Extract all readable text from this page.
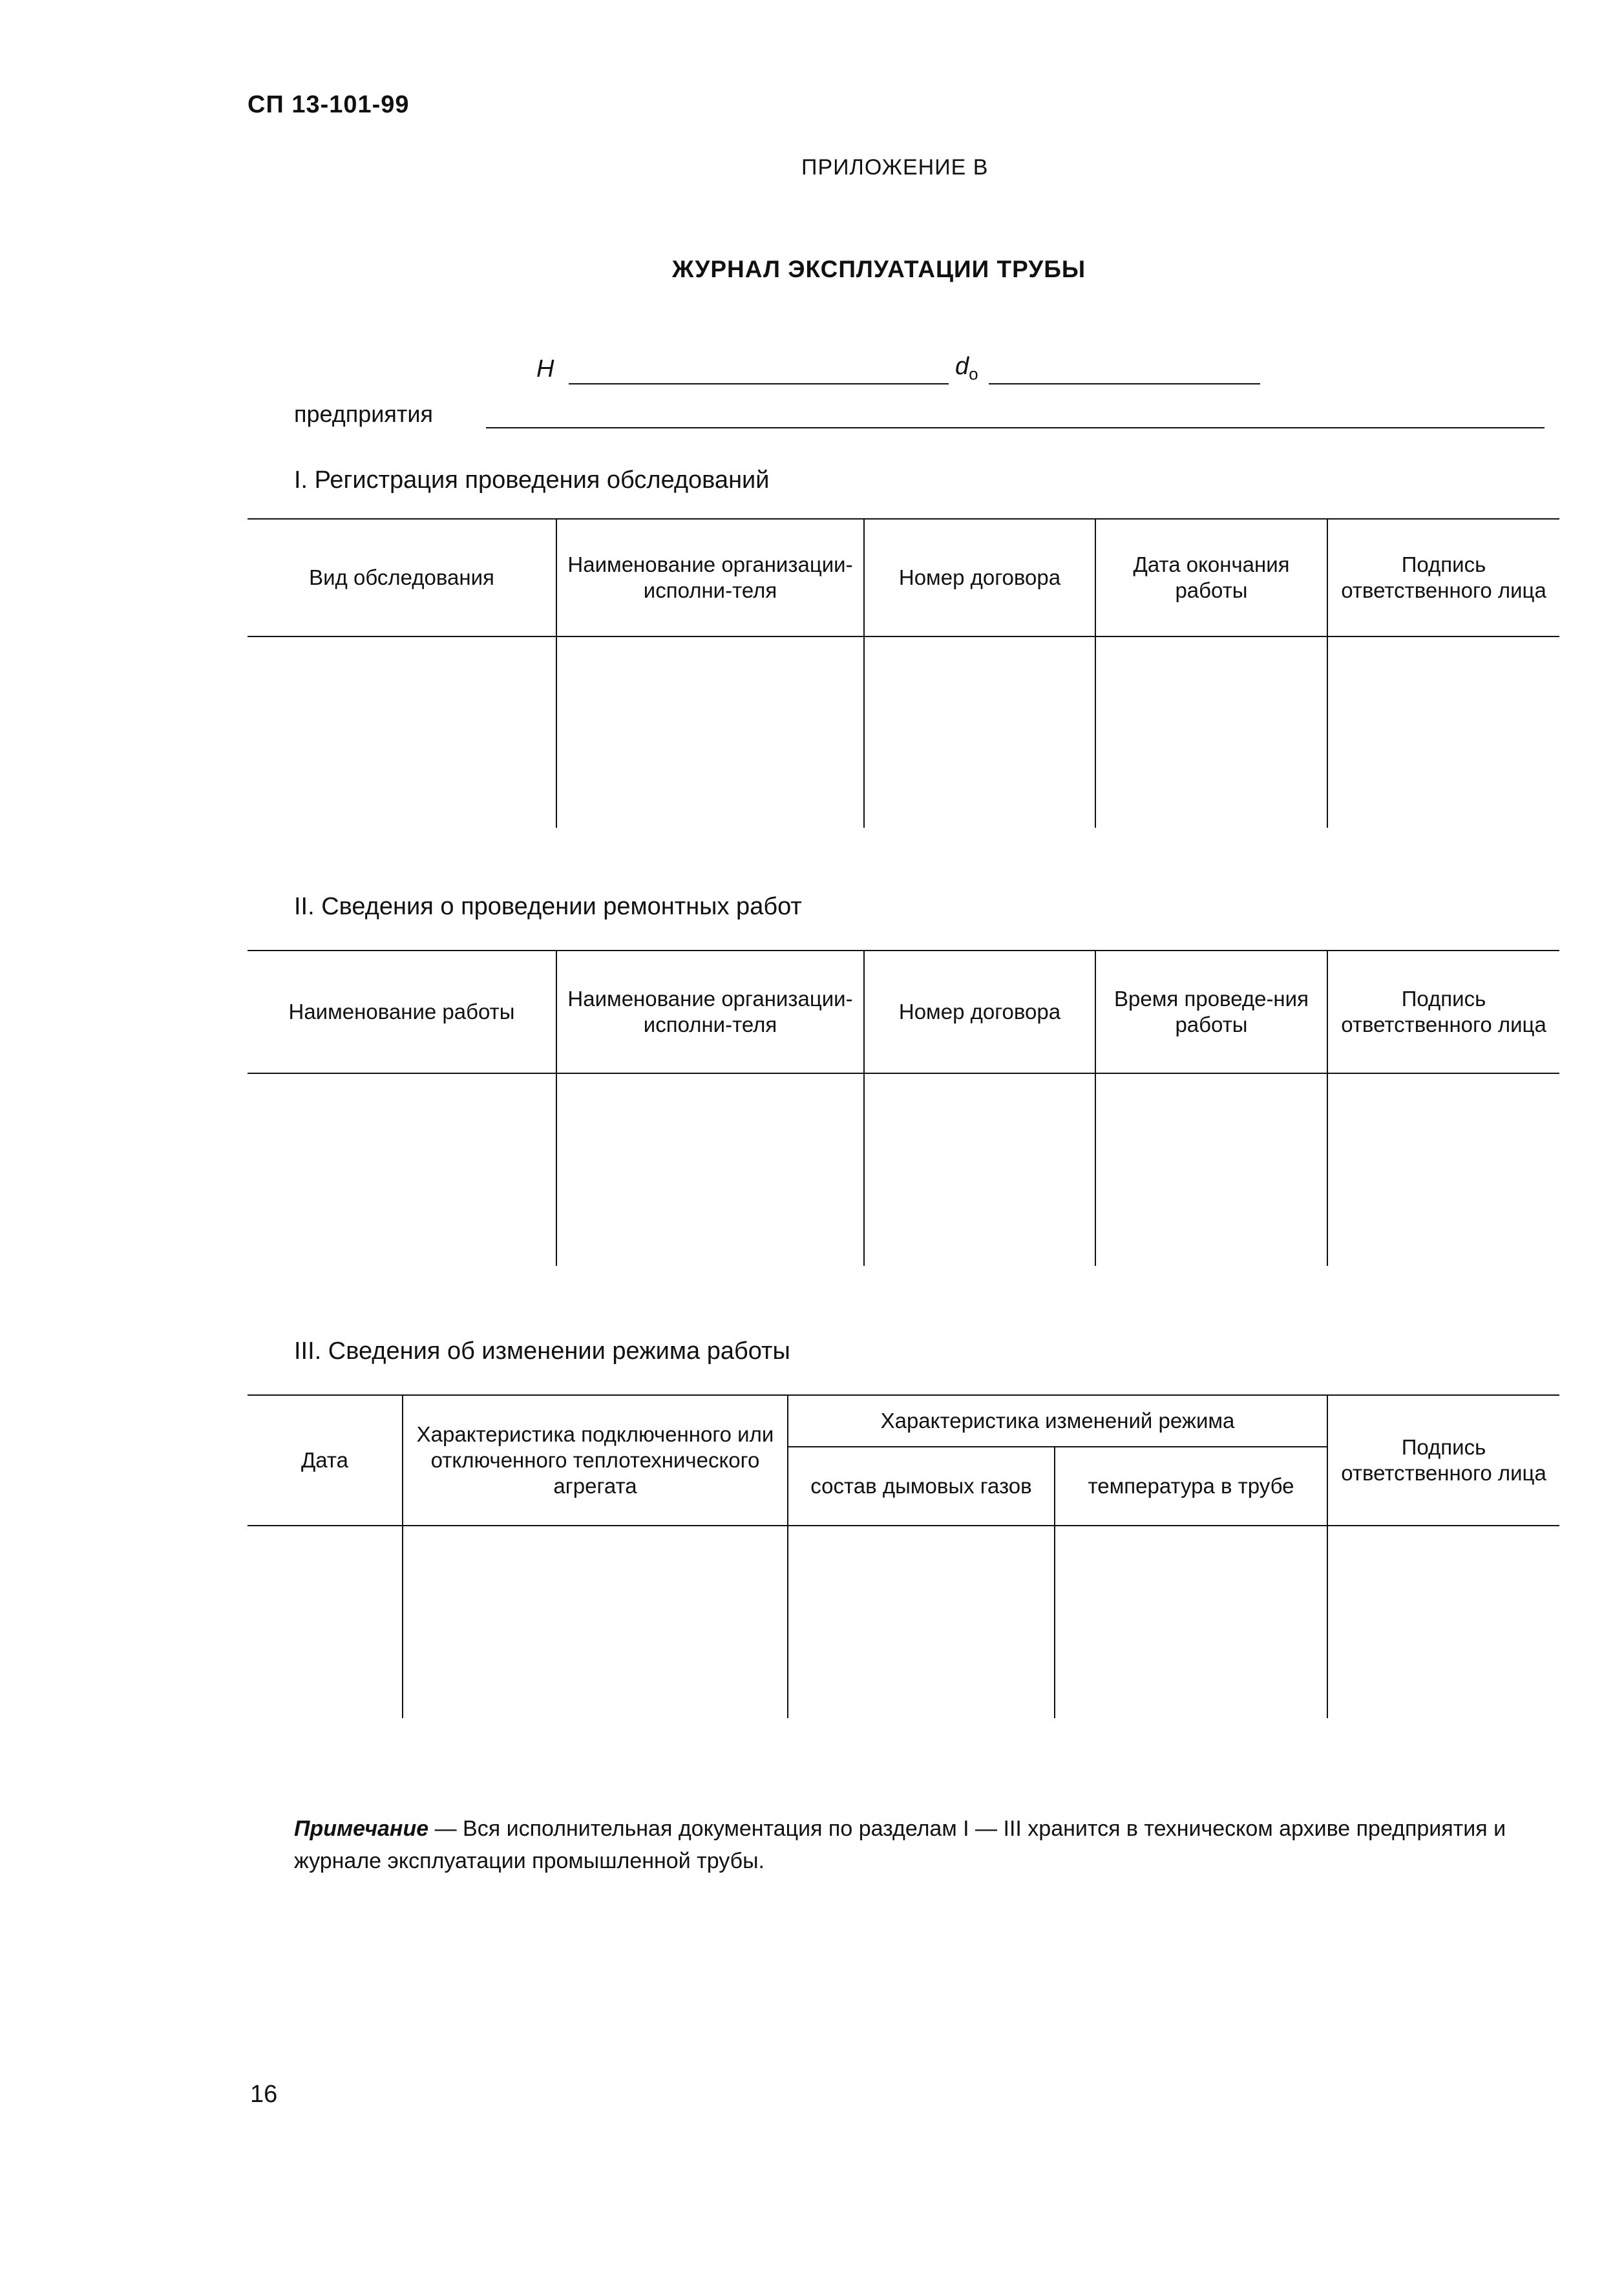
СП 13-101-99
ПРИЛОЖЕНИЕ В
ЖУРНАЛ ЭКСПЛУАТАЦИИ ТРУБЫ
H	$d_o$
предприятия
I. Регистрация проведения обследований
Вид обследования	Наименование организации-исполни-теля	Номер договора	Дата окончания работы	Подпись ответственного лица

II. Сведения о проведении ремонтных работ
Наименование работы	Наименование организации-исполни-теля	Номер договора	Время проведе-ния работы	Подпись ответственного лица

III. Сведения об изменении режима работы
Дата	Характеристика подключенного или отключенного теплотехнического агрегата	Характеристика изменений режима		Подпись ответственного лица
		состав дымовых газов	температура в трубе	

Примечание — Вся исполнительная документация по разделам I — III хранится в техническом архиве предприятия и журнале эксплуатации промышленной трубы.
16
